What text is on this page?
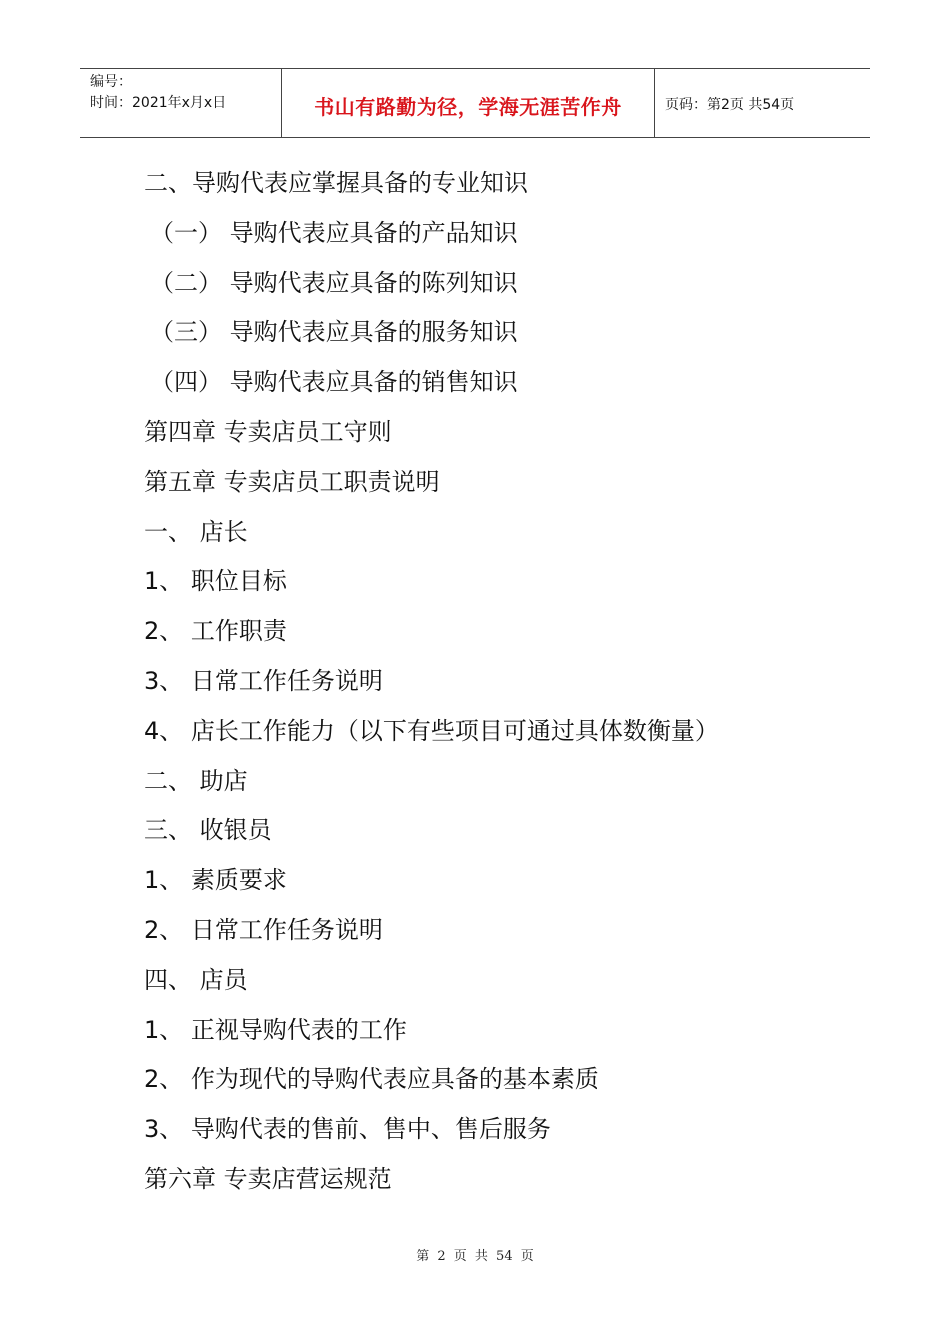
编号：
时间：2021年x月x日	书山有路勤为径，学海无涯苦作舟	页码：第2页 共54页
二、导购代表应掌握具备的专业知识
（一） 导购代表应具备的产品知识
（二） 导购代表应具备的陈列知识
（三） 导购代表应具备的服务知识
（四） 导购代表应具备的销售知识
第四章 专卖店员工守则
第五章 专卖店员工职责说明
一、 店长
1、 职位目标
2、 工作职责
3、 日常工作任务说明
4、 店长工作能力（以下有些项目可通过具体数衡量）
二、 助店
三、 收银员
1、 素质要求
2、 日常工作任务说明
四、 店员
1、 正视导购代表的工作
2、 作为现代的导购代表应具备的基本素质
3、 导购代表的售前、售中、售后服务
第六章 专卖店营运规范
第 2 页 共 54 页
